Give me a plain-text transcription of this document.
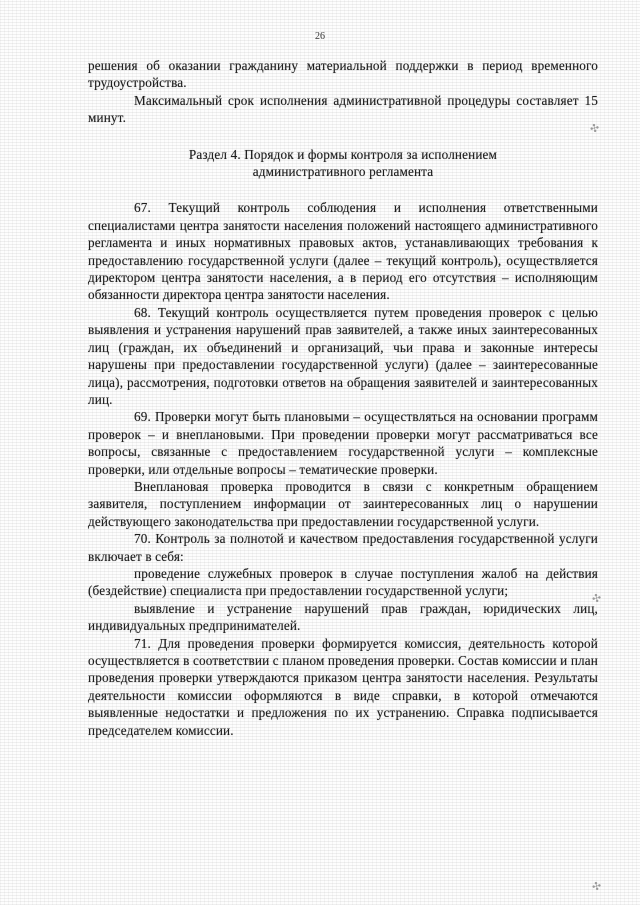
26

решения об оказании гражданину материальной поддержки в период временного трудоустройства.

Максимальный срок исполнения административной процедуры составляет 15 минут.

Раздел 4. Порядок и формы контроля за исполнением
административного регламента

67. Текущий контроль соблюдения и исполнения ответственными специалистами центра занятости населения положений настоящего административного регламента и иных нормативных правовых актов, устанавливающих требования к предоставлению государственной услуги (далее – текущий контроль), осуществляется директором центра занятости населения, а в период его отсутствия – исполняющим обязанности директора центра занятости населения.

68. Текущий контроль осуществляется путем проведения проверок с целью выявления и устранения нарушений прав заявителей, а также иных заинтересованных лиц (граждан, их объединений и организаций, чьи права и законные интересы нарушены при предоставлении государственной услуги) (далее – заинтересованные лица), рассмотрения, подготовки ответов на обращения заявителей и заинтересованных лиц.

69. Проверки могут быть плановыми – осуществляться на основании программ проверок – и внеплановыми. При проведении проверки могут рассматриваться все вопросы, связанные с предоставлением государственной услуги – комплексные проверки, или отдельные вопросы – тематические проверки.

Внеплановая проверка проводится в связи с конкретным обращением заявителя, поступлением информации от заинтересованных лиц о нарушении действующего законодательства при предоставлении государственной услуги.

70. Контроль за полнотой и качеством предоставления государственной услуги включает в себя:

проведение служебных проверок в случае поступления жалоб на действия (бездействие) специалиста при предоставлении государственной услуги;

выявление и устранение нарушений прав граждан, юридических лиц, индивидуальных предпринимателей.

71. Для проведения проверки формируется комиссия, деятельность которой осуществляется в соответствии с планом проведения проверки. Состав комиссии и план проведения проверки утверждаются приказом центра занятости населения. Результаты деятельности комиссии оформляются в виде справки, в которой отмечаются выявленные недостатки и предложения по их устранению. Справка подписывается председателем комиссии.

✣
✣
✣
